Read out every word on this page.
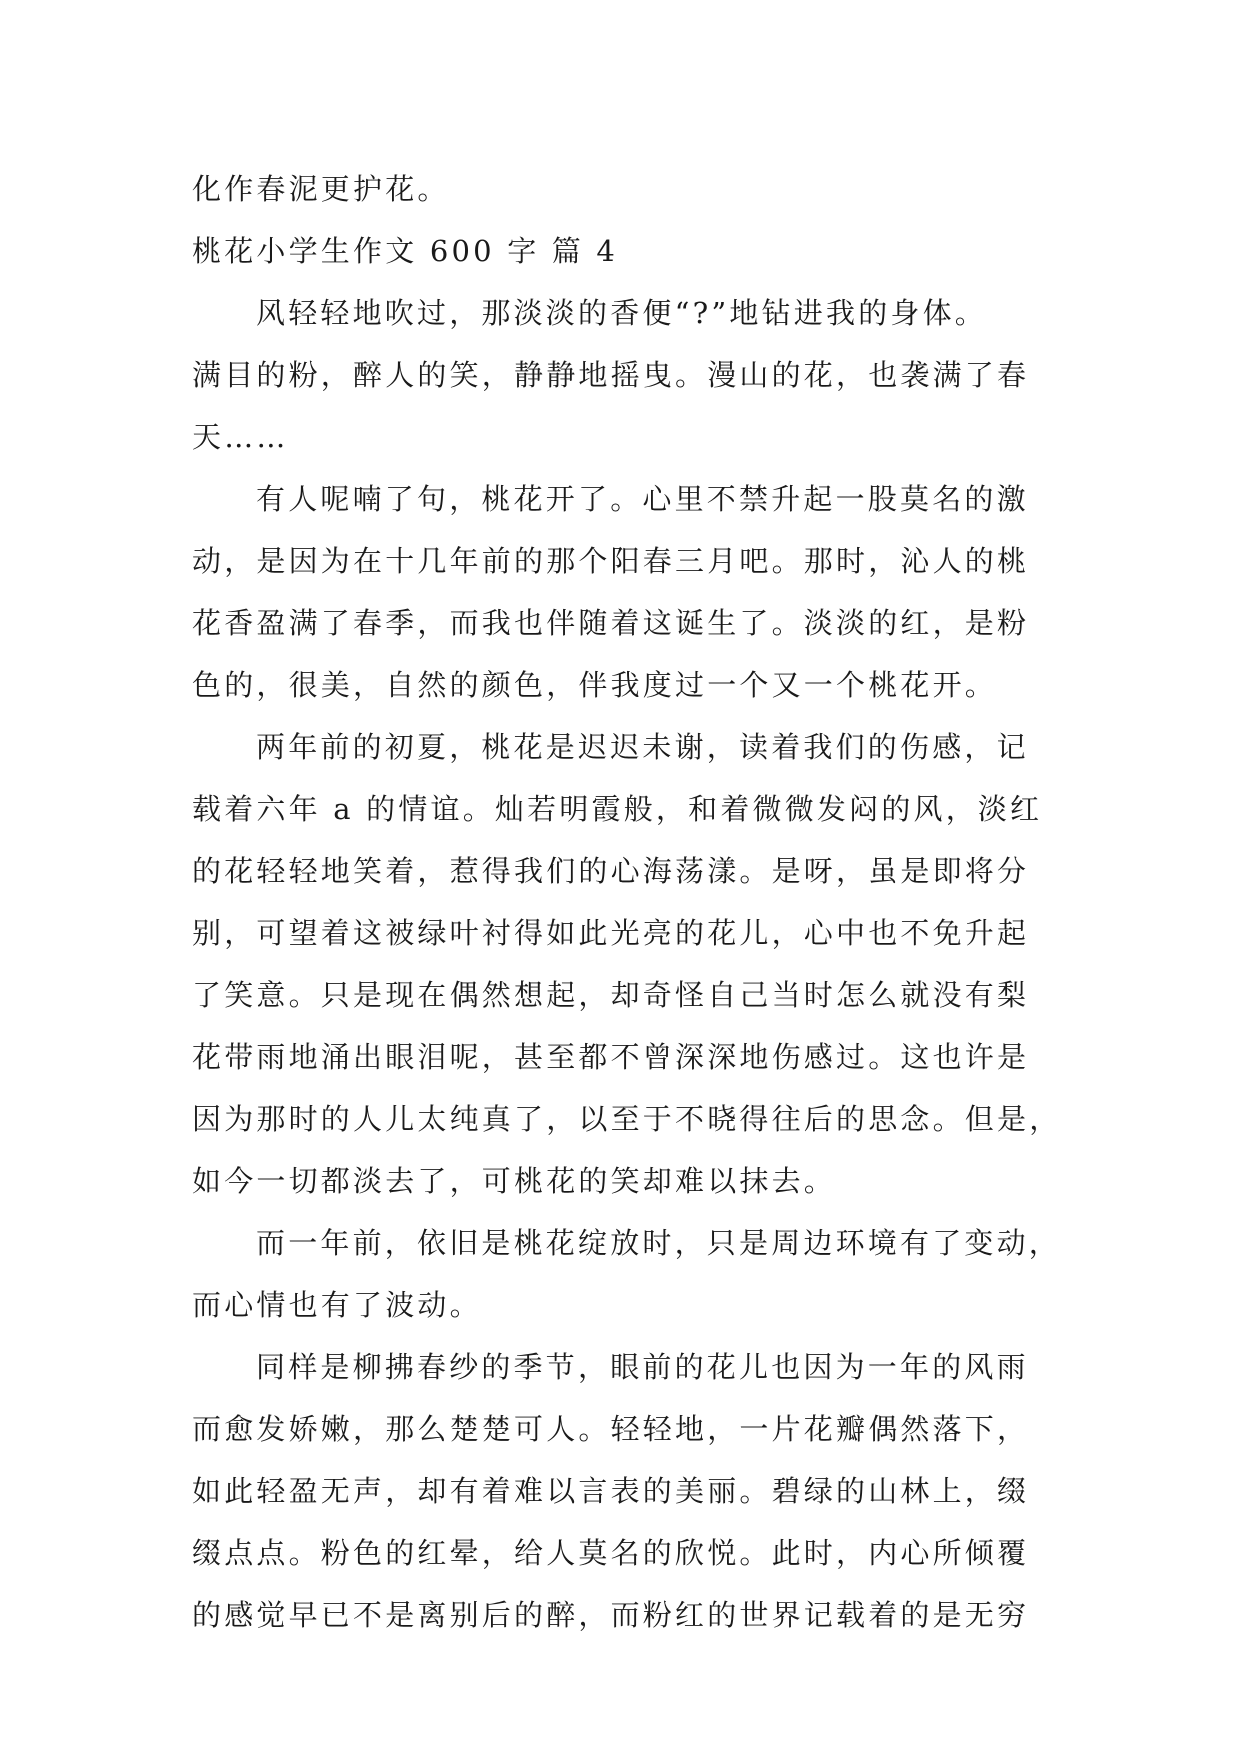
化作春泥更护花。
桃花小学生作文 600 字 篇 4
风轻轻地吹过，那淡淡的香便“?”地钻进我的身体。
满目的粉，醉人的笑，静静地摇曳。漫山的花，也袭满了春
天……
有人呢喃了句，桃花开了。心里不禁升起一股莫名的激
动，是因为在十几年前的那个阳春三月吧。那时，沁人的桃
花香盈满了春季，而我也伴随着这诞生了。淡淡的红，是粉
色的，很美，自然的颜色，伴我度过一个又一个桃花开。
两年前的初夏，桃花是迟迟未谢，读着我们的伤感，记
载着六年 a 的情谊。灿若明霞般，和着微微发闷的风，淡红
的花轻轻地笑着，惹得我们的心海荡漾。是呀，虽是即将分
别，可望着这被绿叶衬得如此光亮的花儿，心中也不免升起
了笑意。只是现在偶然想起，却奇怪自己当时怎么就没有梨
花带雨地涌出眼泪呢，甚至都不曾深深地伤感过。这也许是
因为那时的人儿太纯真了，以至于不晓得往后的思念。但是，
如今一切都淡去了，可桃花的笑却难以抹去。
而一年前，依旧是桃花绽放时，只是周边环境有了变动，
而心情也有了波动。
同样是柳拂春纱的季节，眼前的花儿也因为一年的风雨
而愈发娇嫩，那么楚楚可人。轻轻地，一片花瓣偶然落下，
如此轻盈无声，却有着难以言表的美丽。碧绿的山林上，缀
缀点点。粉色的红晕，给人莫名的欣悦。此时，内心所倾覆
的感觉早已不是离别后的醉，而粉红的世界记载着的是无穷
